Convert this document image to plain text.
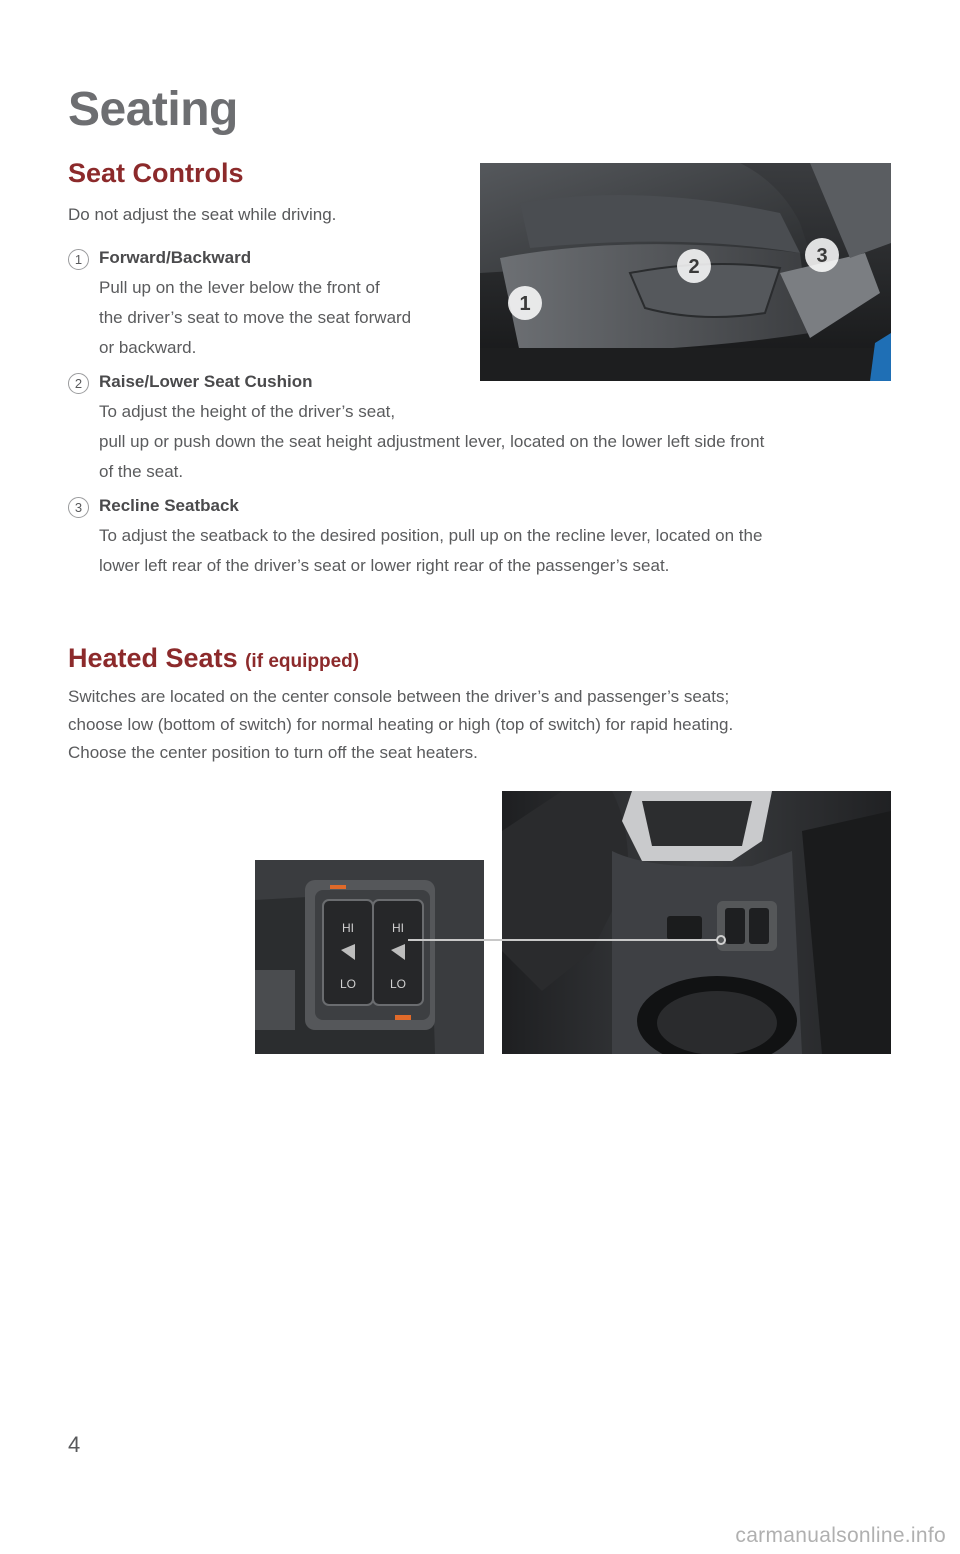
Seating
Seat Controls
Do not adjust the seat while driving.
1 Forward/Backward
Pull up on the lever below the front of
the driver’s seat to move the seat forward
or backward.
2 Raise/Lower Seat Cushion
To adjust the height of the driver’s seat,
pull up or push down the seat height adjustment lever, located on the lower left side front
of the seat.
3 Recline Seatback
To adjust the seatback to the desired position, pull up on the recline lever, located on the
lower left rear of the driver’s seat or lower right rear of the passenger’s seat.
1
2	3
Heated Seats (if equipped)
Switches are located on the center console between the driver’s and passenger’s seats;
choose low (bottom of switch) for normal heating or high (top of switch) for rapid heating.
Choose the center position to turn off the seat heaters.
HI	HI
LO	LO
4
carmanualsonline.info
